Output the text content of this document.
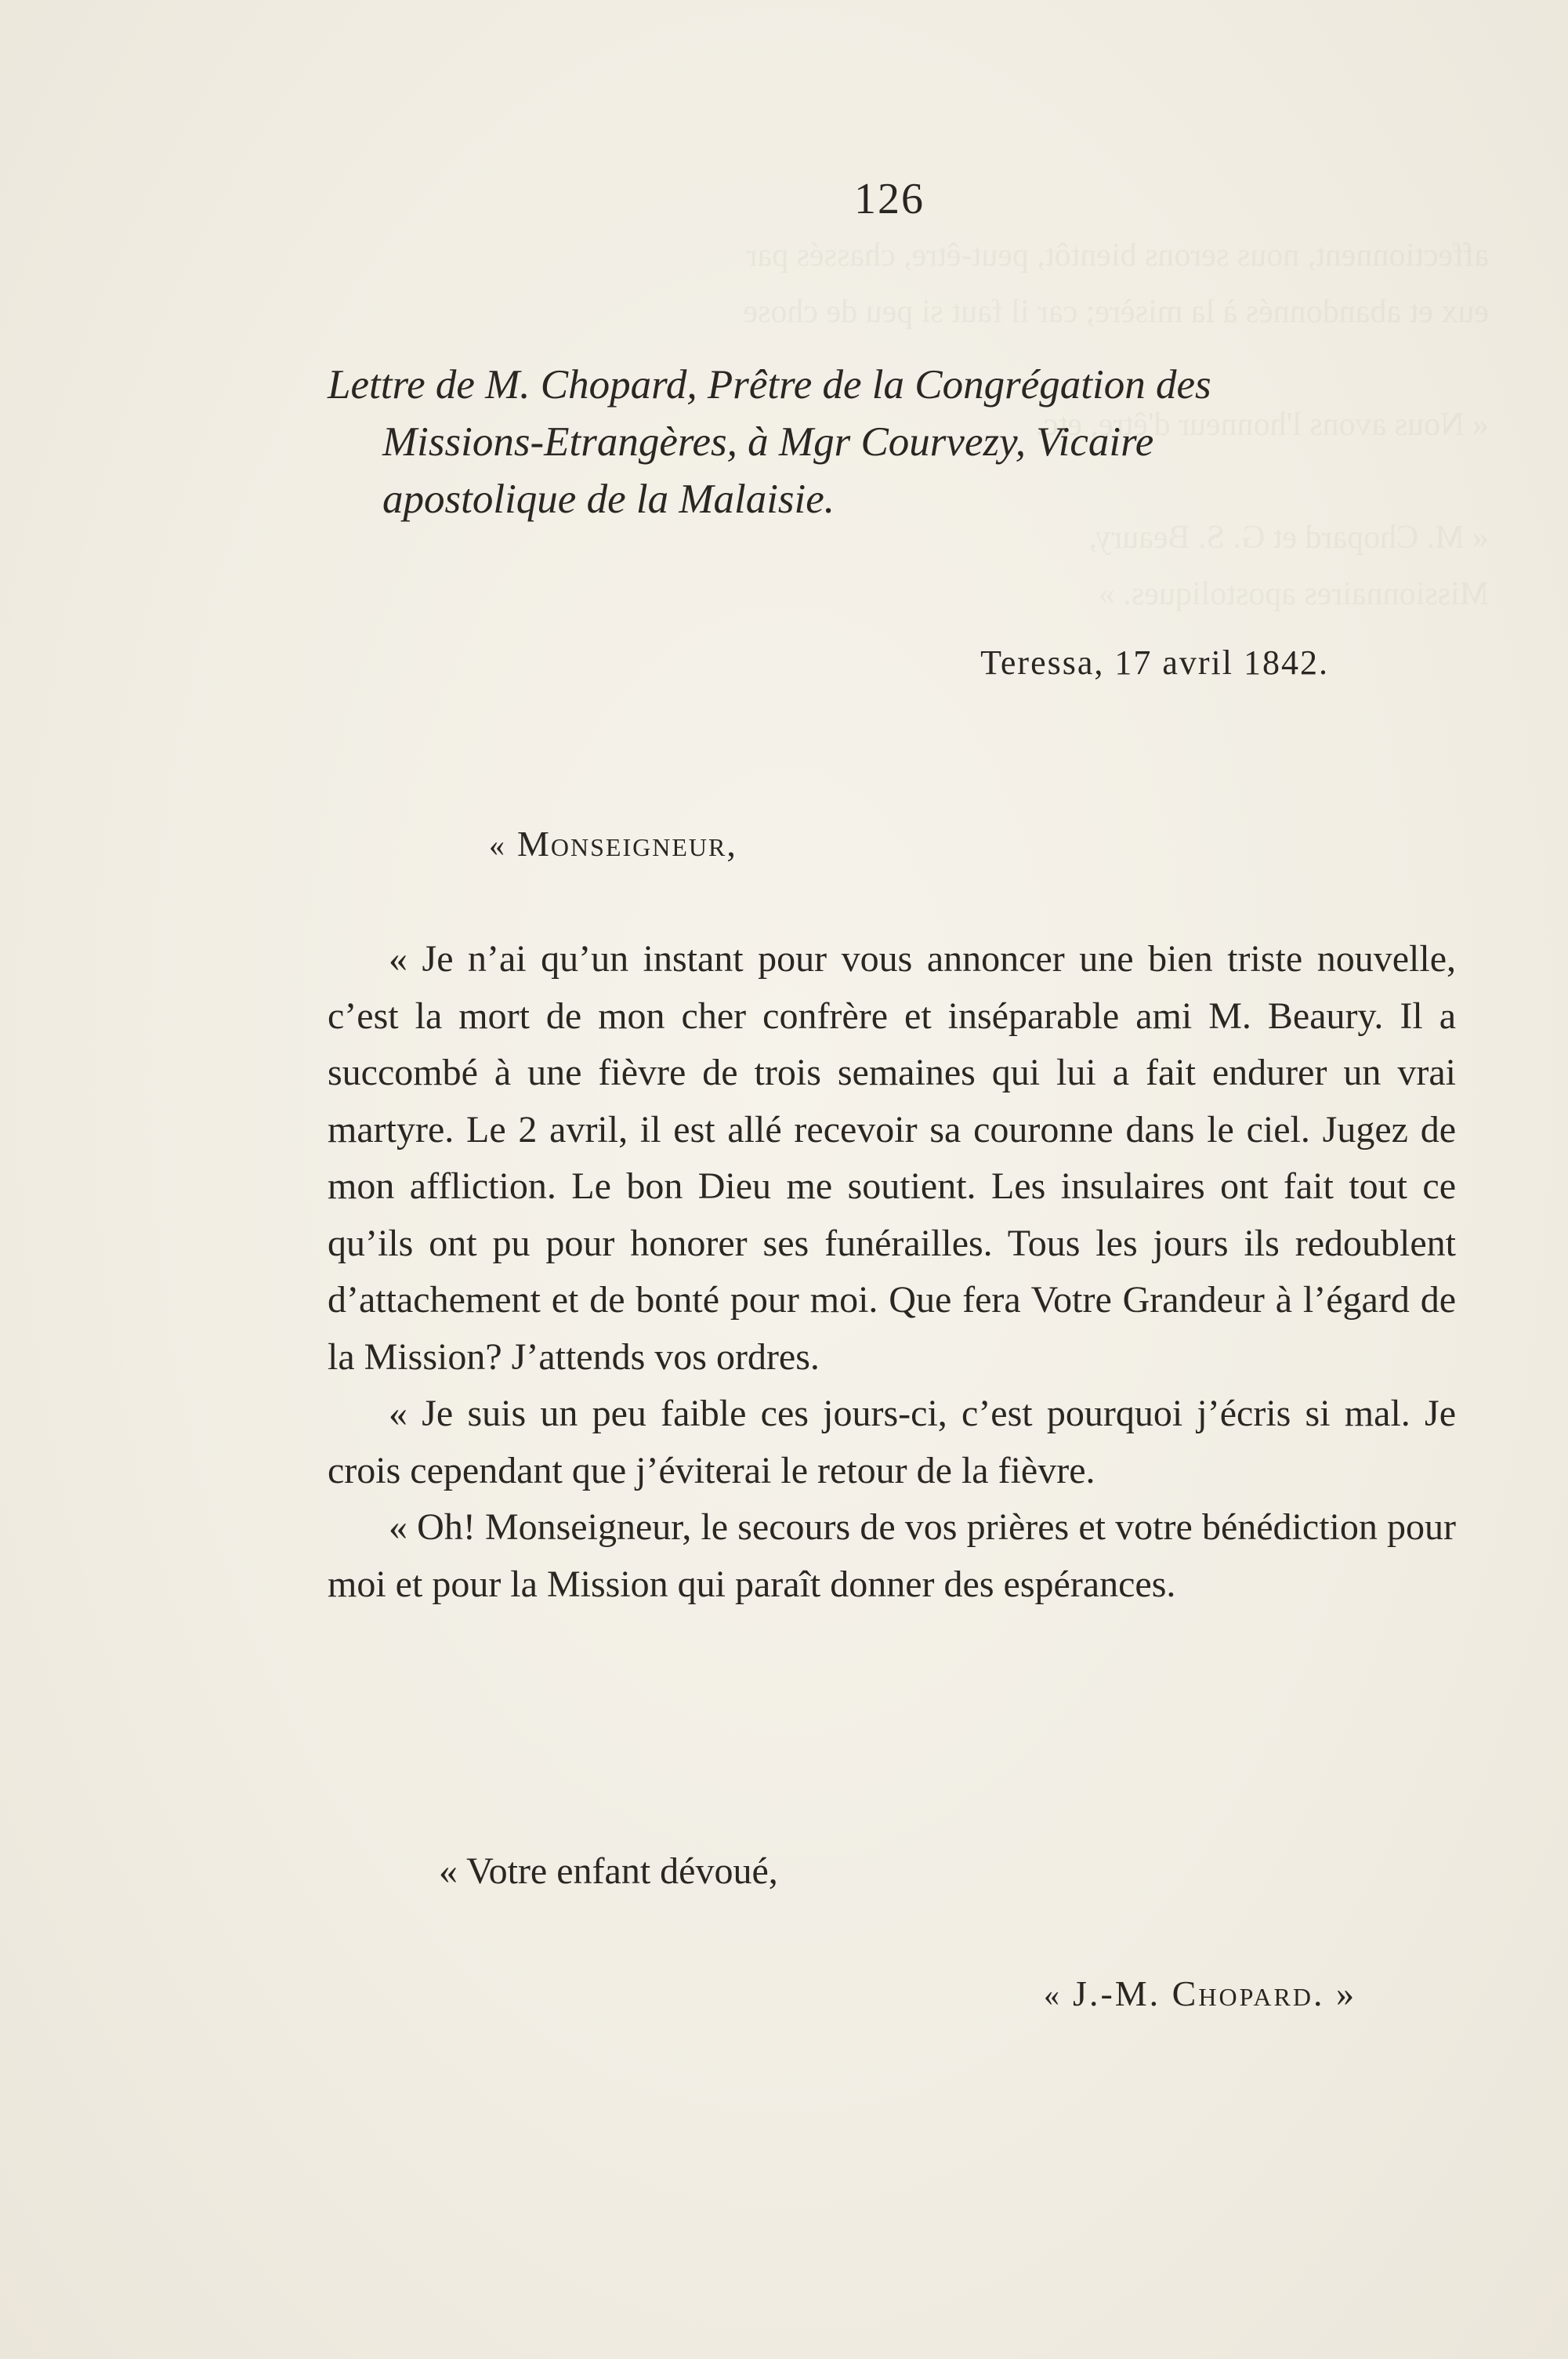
affectionnent, nous serons bientôt, peut-être, chassés par
eux et abandonnés à la misère; car il faut si peu de chose

« Nous avons l'honneur d'être, etc.

« M. Chopard et G. S. Beaury,
Missionnaires apostoliques. »
126
Lettre de M. Chopard, Prêtre de la Congrégation des
Missions-Etrangères, à Mgr Courvezy, Vicaire
apostolique de la Malaisie.
Teressa, 17 avril 1842.
« Monseigneur,

« Je n’ai qu’un instant pour vous annoncer une bien triste nouvelle, c’est la mort de mon cher confrère et inséparable ami M. Beaury. Il a succombé à une fièvre de trois semaines qui lui a fait endurer un vrai martyre. Le 2 avril, il est allé recevoir sa couronne dans le ciel. Jugez de mon affliction. Le bon Dieu me soutient. Les insulaires ont fait tout ce qu’ils ont pu pour honorer ses funérailles. Tous les jours ils redoublent d’attachement et de bonté pour moi. Que fera Votre Grandeur à l’égard de la Mission? J’attends vos ordres.

« Je suis un peu faible ces jours-ci, c’est pourquoi j’écris si mal. Je crois cependant que j’éviterai le retour de la fièvre.

« Oh! Monseigneur, le secours de vos prières et votre bénédiction pour moi et pour la Mission qui paraît donner des espérances.

« Votre enfant dévoué,
« J.-M. Chopard. »
